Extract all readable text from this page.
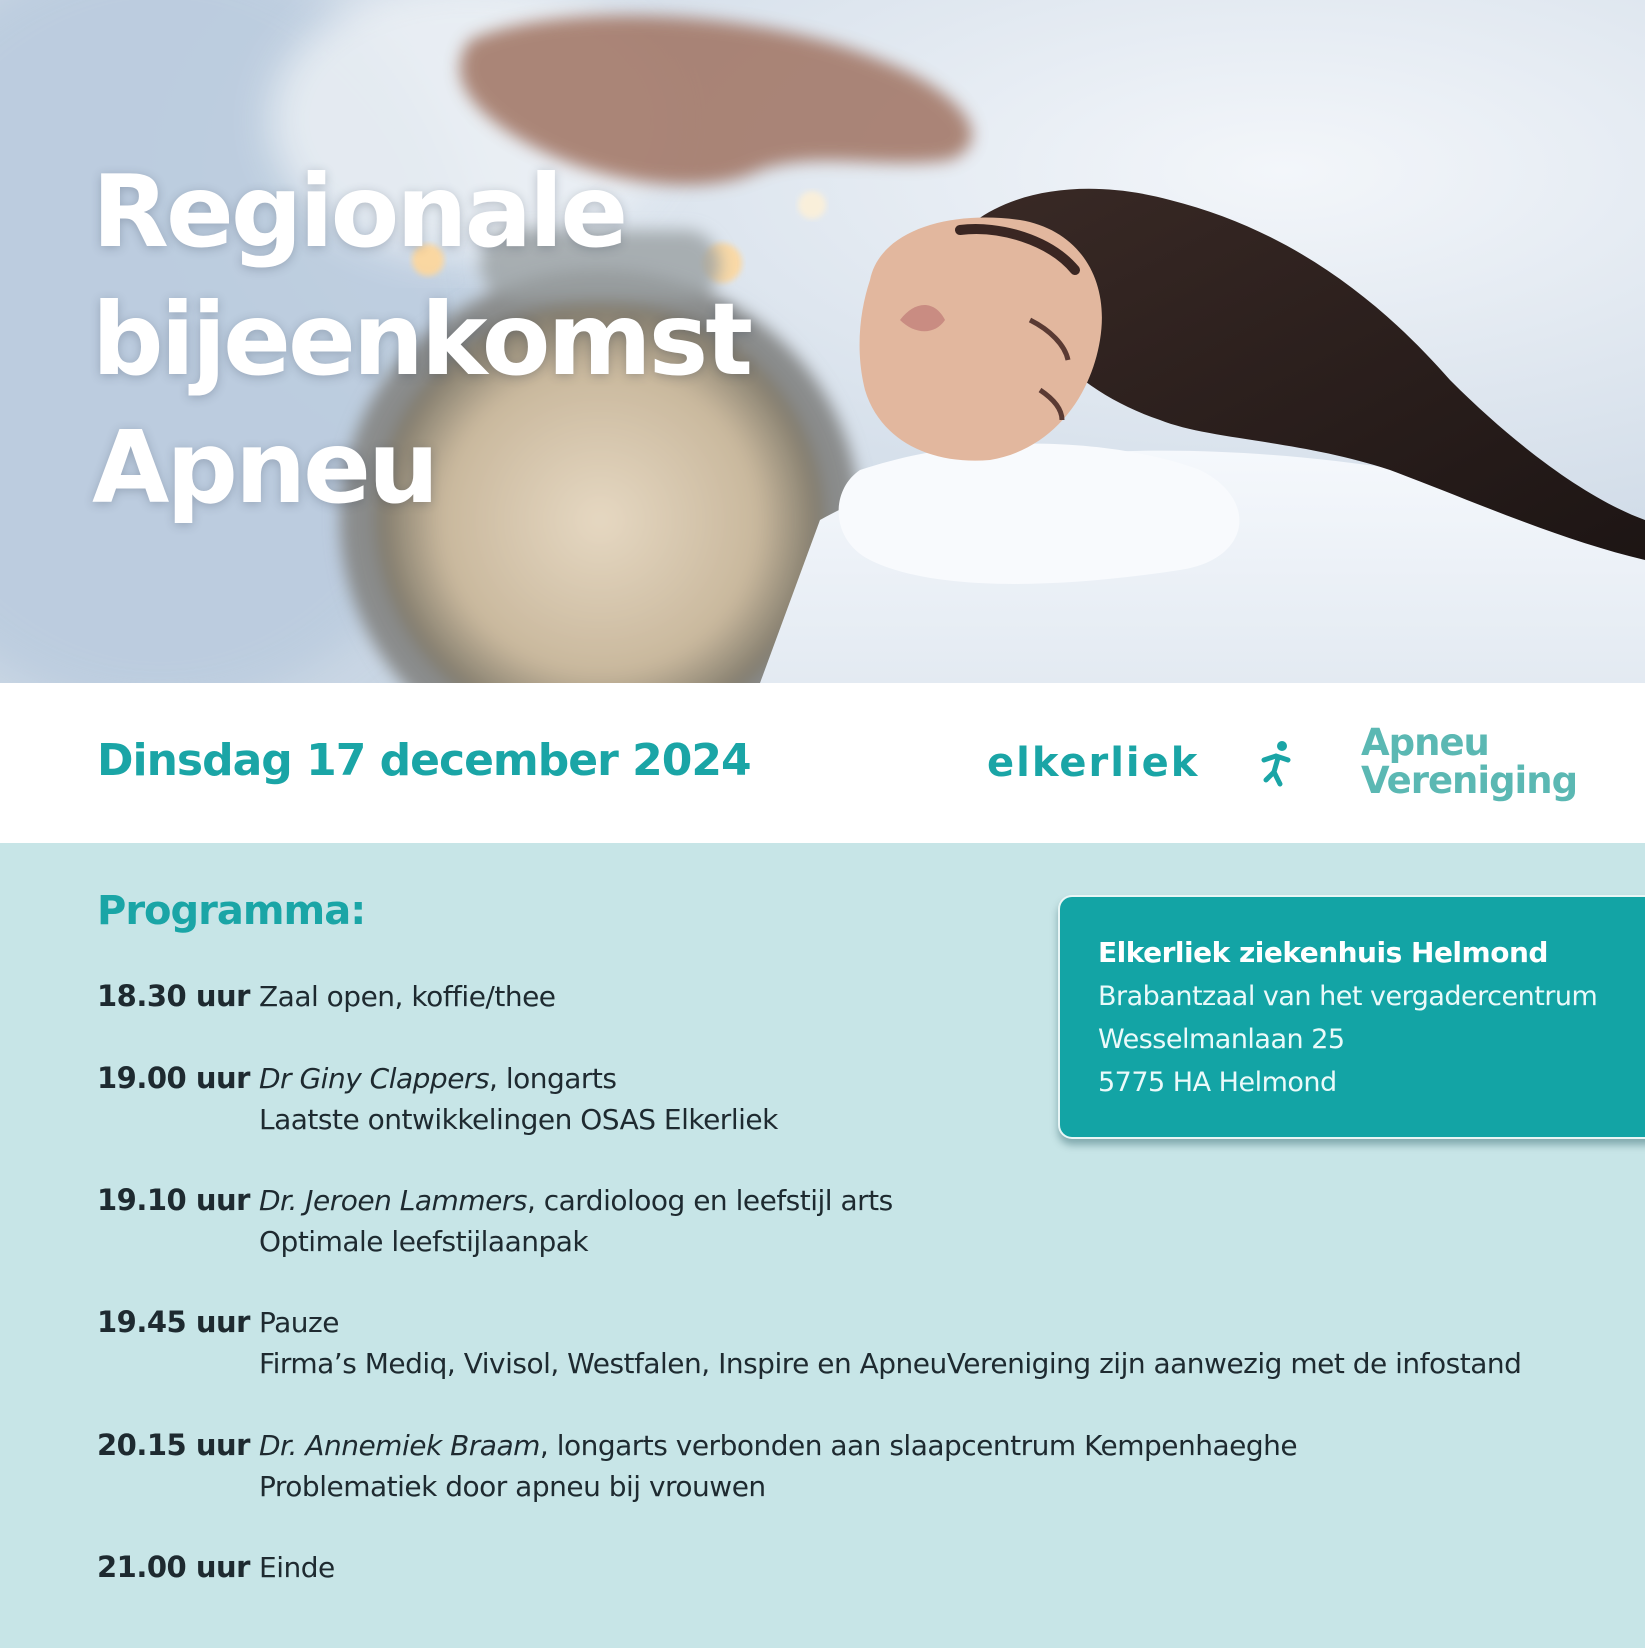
Regionale
bijeenkomst
Apneu
Dinsdag 17 december 2024	elkerliek	Apneu
Vereniging
Programma:
18.30 uur Zaal open, koffie/thee
19.00 uur Dr Giny Clappers, longarts
Laatste ontwikkelingen OSAS Elkerliek
19.10 uur Dr. Jeroen Lammers, cardioloog en leefstijl arts
Optimale leefstijlaanpak
19.45 uur Pauze
Firma’s Mediq, Vivisol, Westfalen, Inspire en ApneuVereniging zijn aanwezig met de infostand
20.15 uur Dr. Annemiek Braam, longarts verbonden aan slaapcentrum Kempenhaeghe
Problematiek door apneu bij vrouwen
21.00 uur Einde
Elkerliek ziekenhuis Helmond
Brabantzaal van het vergadercentrum
Wesselmanlaan 25
5775 HA Helmond
